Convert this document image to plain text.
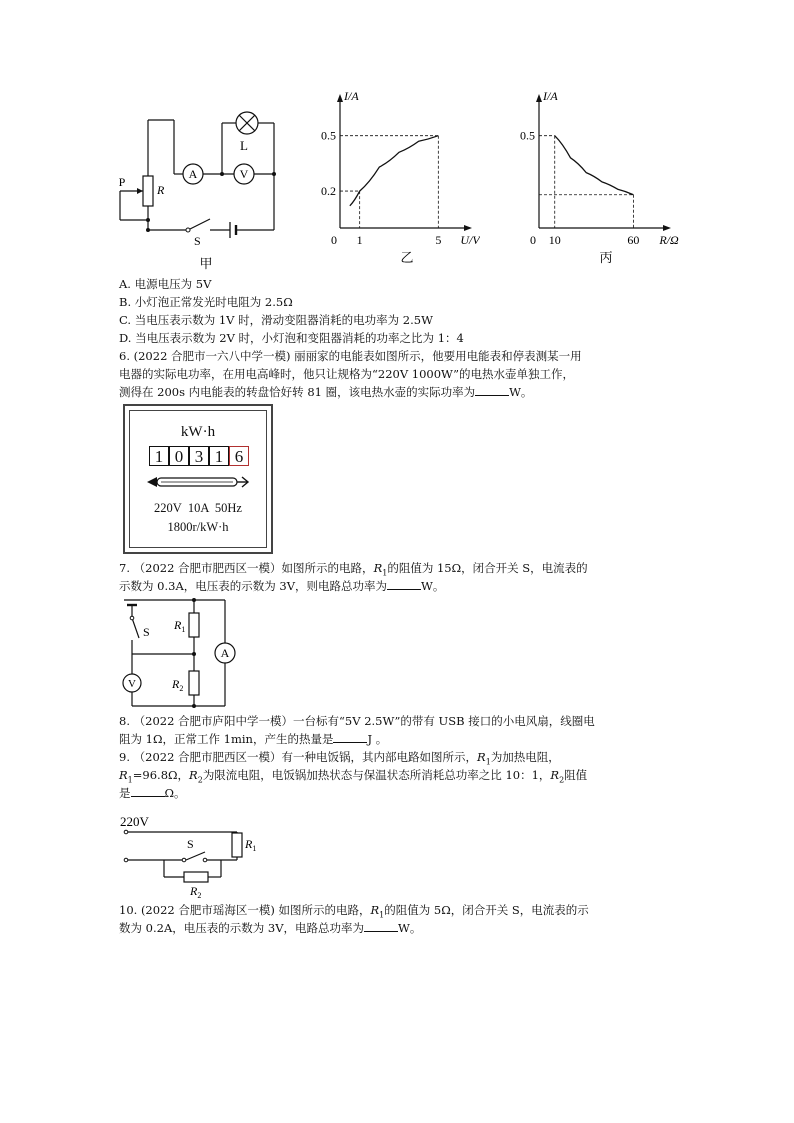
A	V
L
P
R
S
甲
I/A
U/V
0 1	5
0.2
0.5
乙
I/A
R/Ω
0 10	60
0.5
丙
A. 电源电压为 5V
B. 小灯泡正常发光时电阻为 2.5Ω
C. 当电压表示数为 1V 时，滑动变阻器消耗的电功率为 2.5W
D. 当电压表示数为 2V 时，小灯泡和变阻器消耗的功率之比为 1：4
6. (2022 合肥市一六八中学一模) 丽丽家的电能表如图所示，他要用电能表和停表测某一用
电器的实际电功率，在用电高峰时，他只让规格为“220V 1000W”的电热水壶单独工作，
测得在 200s 内电能表的转盘恰好转 81 圈，该电热水壶的实际功率为	W。
kW·h
1 0 3 1 6
220V  10A  50Hz
1800r/kW·h
7. （2022 合肥市肥西区一模）如图所示的电路，$R_1$的阻值为 15Ω，闭合开关 S，电流表的
示数为 0.3A，电压表的示数为 3V，则电路总功率为	W。
S $R_1$
$R_2$
A
V
8. （2022 合肥市庐阳中学一模）一台标有“5V 2.5W”的带有 USB 接口的小电风扇，线圈电
阻为 1Ω，正常工作 1min，产生的热量是	J 。
9. （2022 合肥市肥西区一模）有一种电饭锅，其内部电路如图所示，$R_1$为加热电阻，
$R_1=96.8\Omega$，$R_2$为限流电阻，电饭锅加热状态与保温状态所消耗总功率之比 10：1，$R_2$阻值
是	Ω。
220V
S	$R_1$
$R_2$
10. (2022 合肥市瑶海区一模) 如图所示的电路，$R_1$的阻值为 5Ω，闭合开关 S，电流表的示
数为 0.2A，电压表的示数为 3V，电路总功率为	W。
